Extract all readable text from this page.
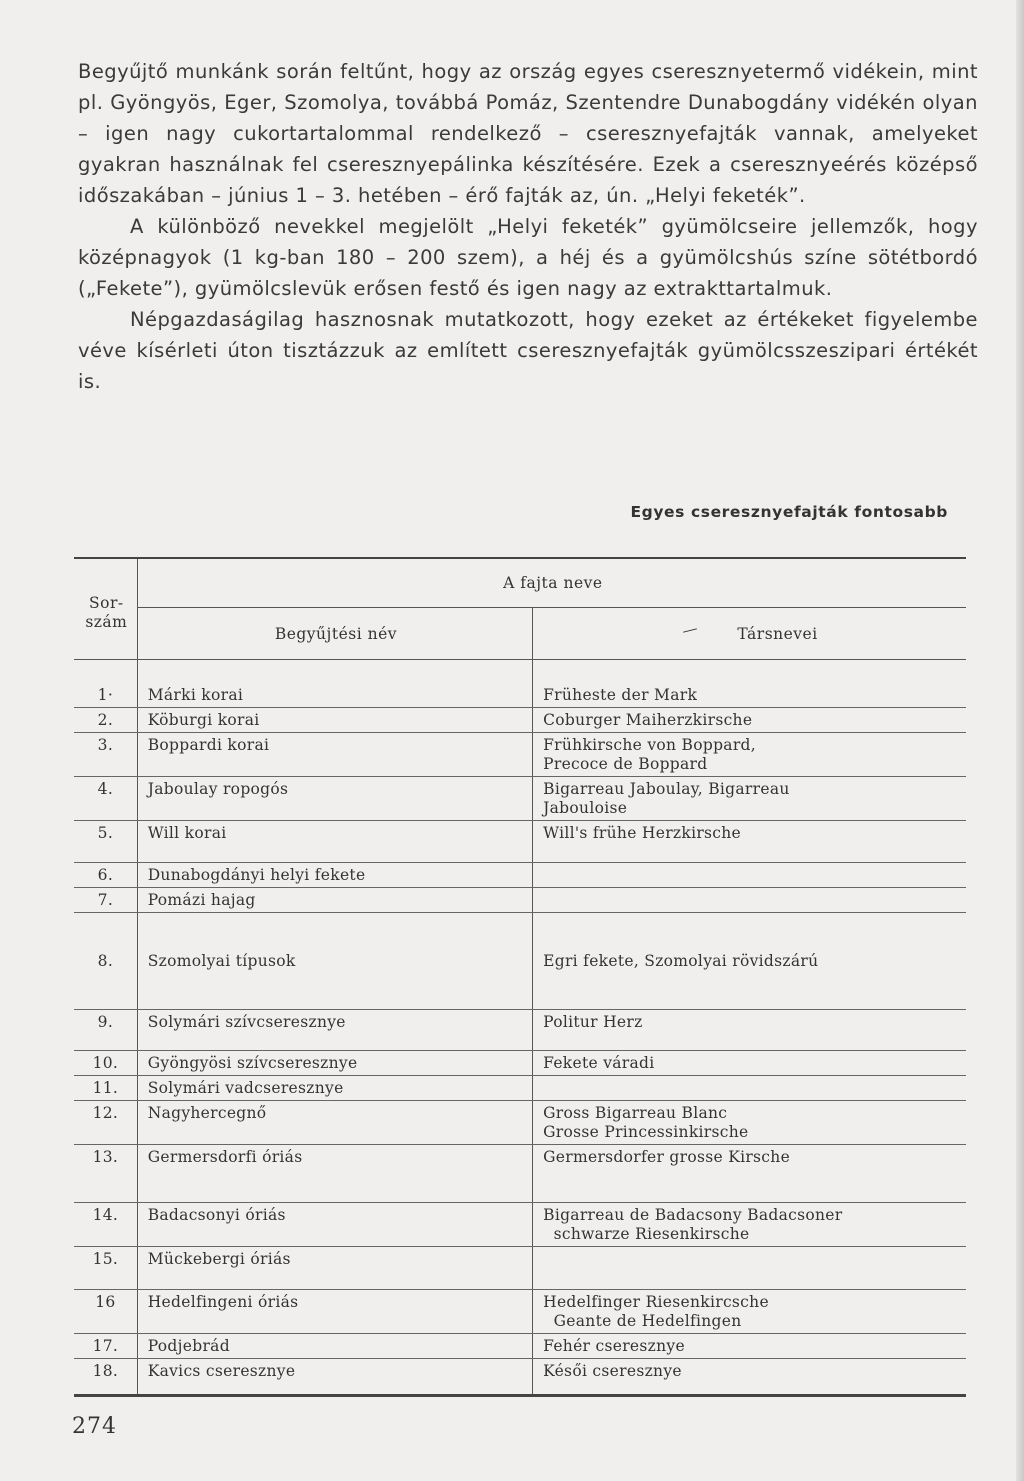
Begyűjtő munkánk során feltűnt, hogy az ország egyes cseresznyetermő vidékein, mint pl. Gyöngyös, Eger, Szomolya, továbbá Pomáz, Szentendre Dunabogdány vidékén olyan – igen nagy cukortartalommal rendelkező – cseresznyefajták vannak, amelyeket gyakran használnak fel cseresznyepálinka készítésére. Ezek a cseresznyeérés középső időszakában – június 1 – 3. hetében – érő fajták az, ún. „Helyi feketék”.

A különböző nevekkel megjelölt „Helyi feketék” gyümölcseire jellemzők, hogy középnagyok (1 kg-ban 180 – 200 szem), a héj és a gyümölcshús színe sötétbordó („Fekete”), gyümölcslevük erősen festő és igen nagy az extrakttartalmuk.

Népgazdaságilag hasznosnak mutatkozott, hogy ezeket az értékeket figyelembe véve kísérleti úton tisztázzuk az említett cseresznyefajták gyümölcsszeszipari értékét is.

Egyes cseresznyefajták fontosabb
Sor-
szám	A fajta neve	
	Begyűjtési név	Társnevei

1·	Márki korai	Früheste der Mark
2.	Köburgi korai	Coburger Maiherzkirsche
3.	Boppardi korai	Frühkirsche von Boppard,
Precoce de Boppard
4.	Jaboulay ropogós	Bigarreau Jaboulay, Bigarreau
Jabouloise
5.	Will korai	Will's frühe Herzkirsche
6.	Dunabogdányi helyi fekete	
7.	Pomázi hajag	
8.	Szomolyai típusok	Egri fekete, Szomolyai rövidszárú
9.	Solymári szívcseresznye	Politur Herz
10.	Gyöngyösi szívcseresznye	Fekete váradi
11.	Solymári vadcseresznye	
12.	Nagyhercegnő	Gross Bigarreau Blanc
Grosse Princessinkirsche
13.	Germersdorfi óriás	Germersdorfer grosse Kirsche
14.	Badacsonyi óriás	Bigarreau de Badacsony Badacsoner
schwarze Riesenkirsche
15.	Mückebergi óriás	
16	Hedelfingeni óriás	Hedelfinger Riesenkircsche
Geante de Hedelfingen
17.	Podjebrád	Fehér cseresznye
18.	Kavics cseresznye	Késői cseresznye
274
